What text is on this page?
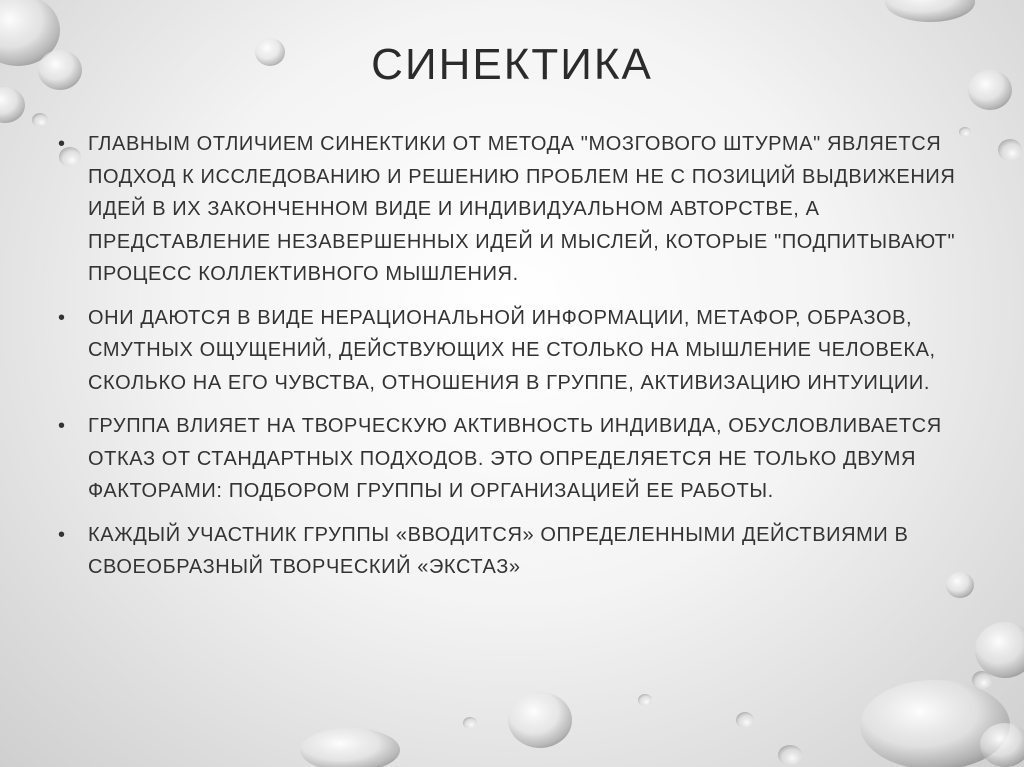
СИНЕКТИКА
• ГЛАВНЫМ ОТЛИЧИЕМ СИНЕКТИКИ ОТ МЕТОДА "МОЗГОВОГО ШТУРМА" ЯВЛЯЕТСЯ ПОДХОД К ИССЛЕДОВАНИЮ И РЕШЕНИЮ ПРОБЛЕМ НЕ С ПОЗИЦИЙ ВЫДВИЖЕНИЯ ИДЕЙ В ИХ ЗАКОНЧЕННОМ ВИДЕ И ИНДИВИДУАЛЬНОМ АВТОРСТВЕ, А ПРЕДСТАВЛЕНИЕ НЕЗАВЕРШЕННЫХ ИДЕЙ И МЫСЛЕЙ, КОТОРЫЕ "ПОДПИТЫВАЮТ" ПРОЦЕСС КОЛЛЕКТИВНОГО МЫШЛЕНИЯ.
• ОНИ ДАЮТСЯ В ВИДЕ НЕРАЦИОНАЛЬНОЙ ИНФОРМАЦИИ, МЕТАФОР, ОБРАЗОВ, СМУТНЫХ ОЩУЩЕНИЙ, ДЕЙСТВУЮЩИХ НЕ СТОЛЬКО НА МЫШЛЕНИЕ ЧЕЛОВЕКА, СКОЛЬКО НА ЕГО ЧУВСТВА, ОТНОШЕНИЯ В ГРУППЕ, АКТИВИЗАЦИЮ ИНТУИЦИИ.
• ГРУППА ВЛИЯЕТ НА ТВОРЧЕСКУЮ АКТИВНОСТЬ ИНДИВИДА, ОБУСЛОВЛИВАЕТСЯ ОТКАЗ ОТ СТАНДАРТНЫХ ПОДХОДОВ. ЭТО ОПРЕДЕЛЯЕТСЯ НЕ ТОЛЬКО ДВУМЯ ФАКТОРАМИ: ПОДБОРОМ ГРУППЫ И ОРГАНИЗАЦИЕЙ ЕЕ РАБОТЫ.
• КАЖДЫЙ УЧАСТНИК ГРУППЫ «ВВОДИТСЯ» ОПРЕДЕЛЕННЫМИ ДЕЙСТВИЯМИ В СВОЕОБРАЗНЫЙ ТВОРЧЕСКИЙ «ЭКСТАЗ»
